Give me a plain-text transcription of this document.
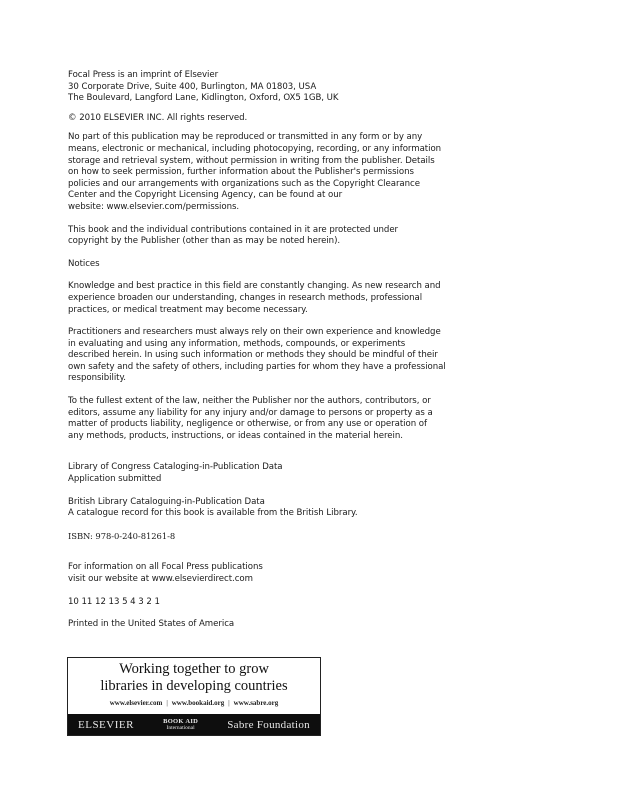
Focal Press is an imprint of Elsevier

30 Corporate Drive, Suite 400, Burlington, MA 01803, USA

The Boulevard, Langford Lane, Kidlington, Oxford, OX5 1GB, UK

© 2010 ELSEVIER INC. All rights reserved.

No part of this publication may be reproduced or transmitted in any form or by any
means, electronic or mechanical, including photocopying, recording, or any information
storage and retrieval system, without permission in writing from the publisher. Details
on how to seek permission, further information about the Publisher's permissions
policies and our arrangements with organizations such as the Copyright Clearance
Center and the Copyright Licensing Agency, can be found at our
website: www.elsevier.com/permissions.

This book and the individual contributions contained in it are protected under
copyright by the Publisher (other than as may be noted herein).

Notices

Knowledge and best practice in this field are constantly changing. As new research and
experience broaden our understanding, changes in research methods, professional
practices, or medical treatment may become necessary.

Practitioners and researchers must always rely on their own experience and knowledge
in evaluating and using any information, methods, compounds, or experiments
described herein. In using such information or methods they should be mindful of their
own safety and the safety of others, including parties for whom they have a professional
responsibility.

To the fullest extent of the law, neither the Publisher nor the authors, contributors, or
editors, assume any liability for any injury and/or damage to persons or property as a
matter of products liability, negligence or otherwise, or from any use or operation of
any methods, products, instructions, or ideas contained in the material herein.

Library of Congress Cataloging-in-Publication Data

Application submitted

British Library Cataloguing-in-Publication Data

A catalogue record for this book is available from the British Library.

ISBN: 978-0-240-81261-8

For information on all Focal Press publications

visit our website at www.elsevierdirect.com

10 11 12 13 5 4 3 2 1

Printed in the United States of America

Working together to grow
libraries in developing countries
www.elsevier.com | www.bookaid.org | www.sabre.org
ELSEVIER	BOOK AID
International	Sabre Foundation
